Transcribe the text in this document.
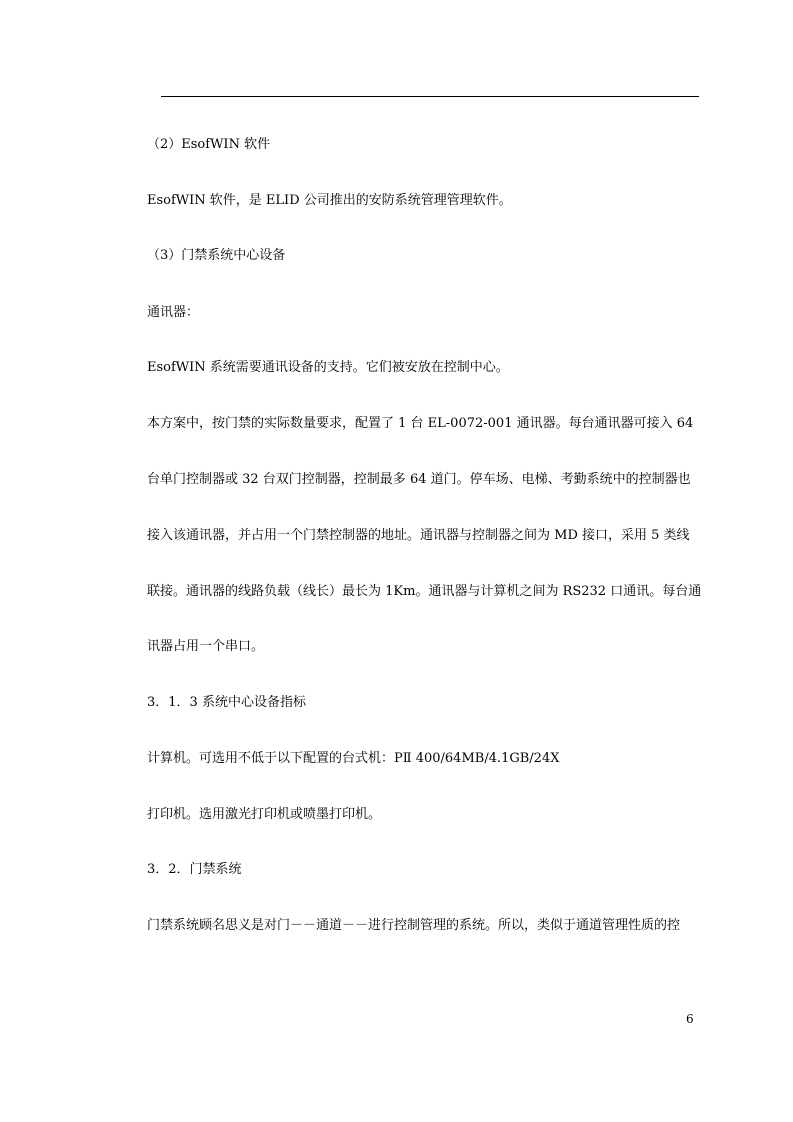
（2）EsofWIN 软件

EsofWIN 软件，是 ELID 公司推出的安防系统管理管理软件。

（3）门禁系统中心设备

通讯器：

EsofWIN 系统需要通讯设备的支持。它们被安放在控制中心。

本方案中，按门禁的实际数量要求，配置了 1 台 EL-0072-001 通讯器。每台通讯器可接入 64

台单门控制器或 32 台双门控制器，控制最多 64 道门。停车场、电梯、考勤系统中的控制器也

接入该通讯器，并占用一个门禁控制器的地址。通讯器与控制器之间为 MD 接口，采用 5 类线

联接。通讯器的线路负载（线长）最长为 1Km。通讯器与计算机之间为 RS232 口通讯。每台通

讯器占用一个串口。

3．1．3 系统中心设备指标

计算机。可选用不低于以下配置的台式机：PⅡ 400/64MB/4.1GB/24X

打印机。选用激光打印机或喷墨打印机。

3．2．门禁系统

门禁系统顾名思义是对门－－通道－－进行控制管理的系统。所以，类似于通道管理性质的控

6
